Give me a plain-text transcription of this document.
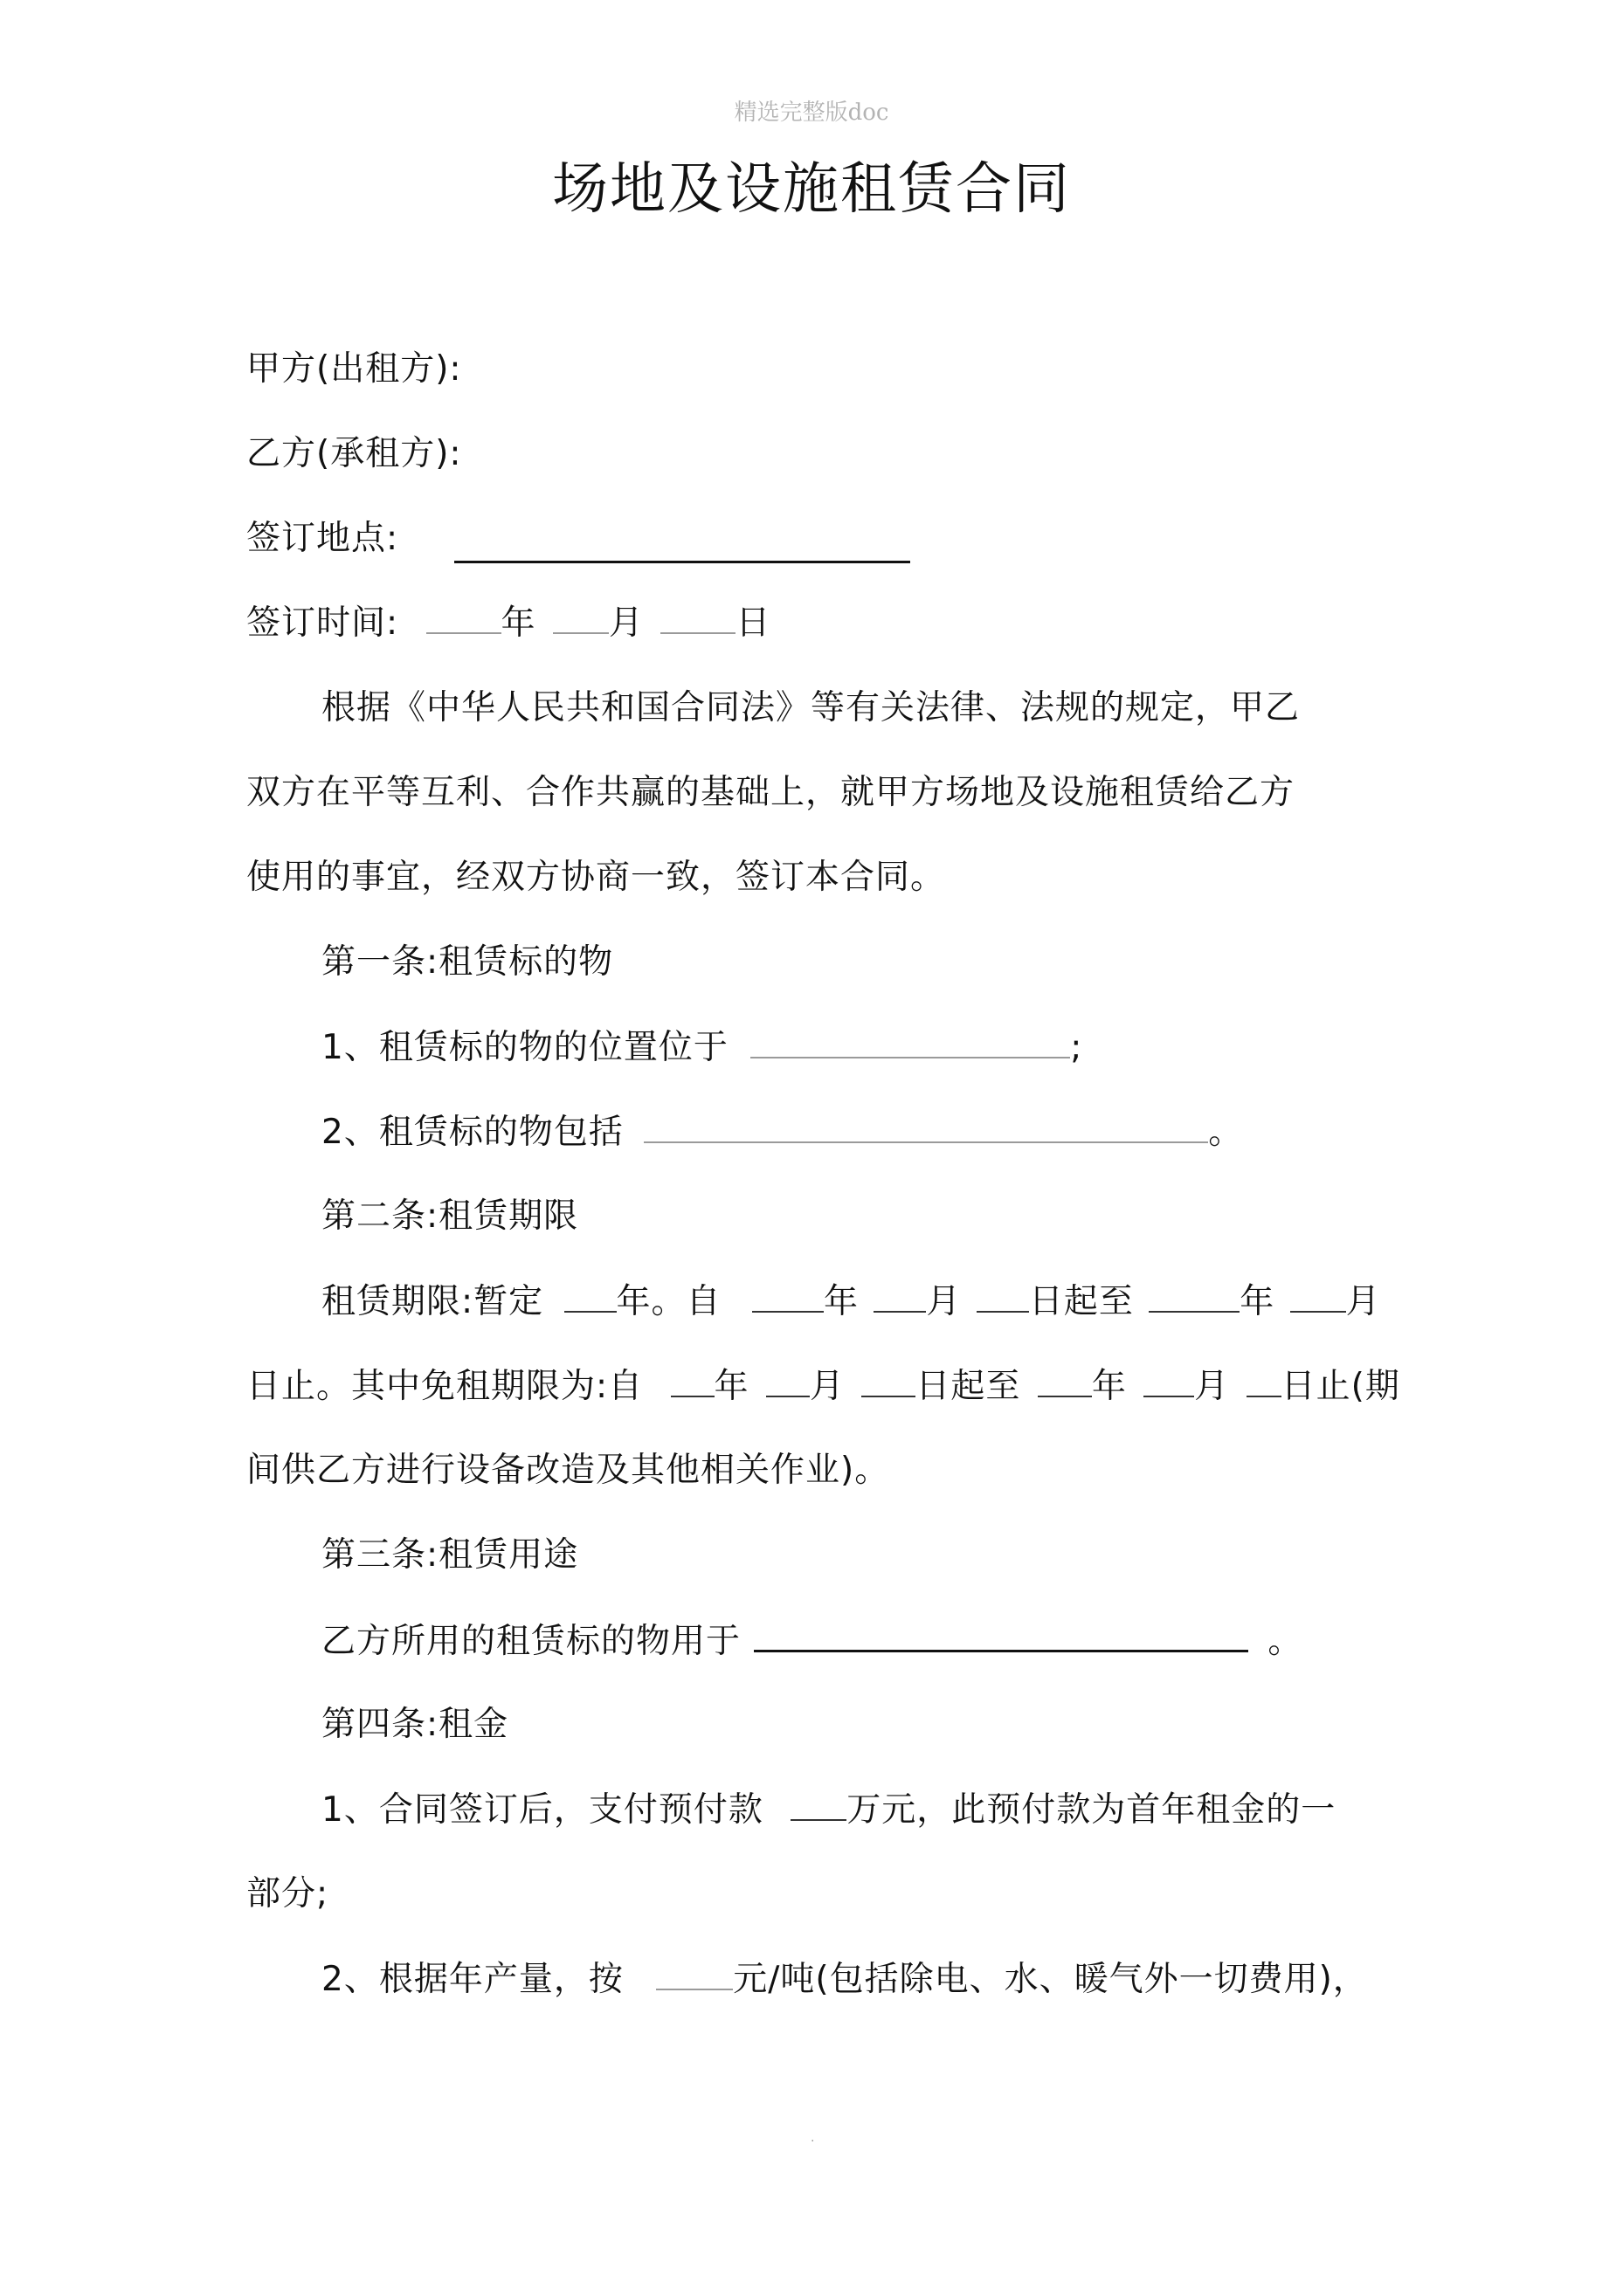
精选完整版doc
场地及设施租赁合同
甲方(出租方):
乙方(承租方):
签订地点:
签订时间:	年 月	日
根据《中华人民共和国合同法》等有关法律、法规的规定，甲乙
双方在平等互利、合作共赢的基础上，就甲方场地及设施租赁给乙方
使用的事宜，经双方协商一致，签订本合同。
第一条:租赁标的物
1、租赁标的物的位置位于	;
2、租赁标的物包括	。
第二条:租赁期限
租赁期限:暂定 年。自	年 月 日起至	年 月
日止。其中免租期限为:自 年 月 日起至 年 月 日止(期
间供乙方进行设备改造及其他相关作业)。
第三条:租赁用途
乙方所用的租赁标的物用于	。
第四条:租金
1、合同签订后，支付预付款 万元，此预付款为首年租金的一
部分;
2、根据年产量，按	元/吨(包括除电、水、暖气外一切费用)，
.
